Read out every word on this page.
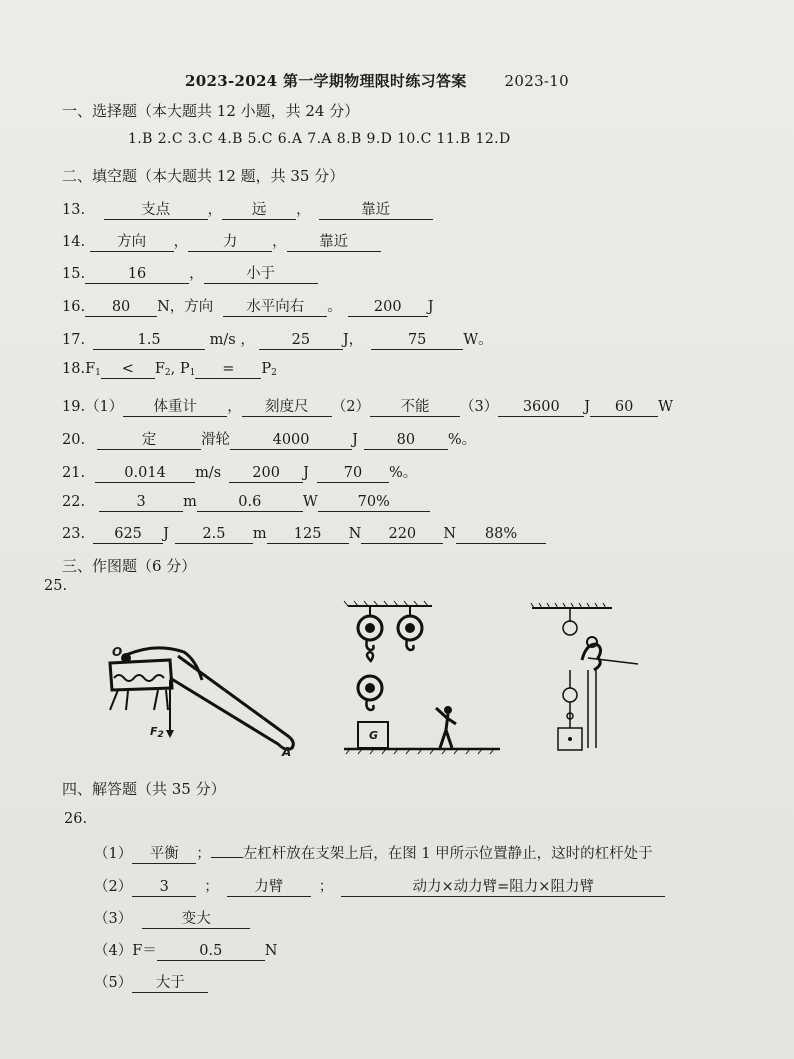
2023-2024 第一学期物理限时练习答案	2023-10
一、选择题（本大题共 12 小题，共 24 分）
1.B 2.C 3.C 4.B 5.C 6.A 7.A 8.B 9.D 10.C 11.B 12.D
二、填空题（本大题共 12 题，共 35 分）
13.	支点	， 远 ，	靠近
14. 方向 ， 力 ， 靠近
15.	16	，	小于
16. 80 N，方向 水平向右 。 200 J
17.	1.5	m/s ，	25 J，	75	W。
$18.F_1 < F_2$, $P_1 = P_2$
19.（1） 体重计 ， 刻度尺 （2） 不能 （3） 3600 J 60 W
20.	定	滑轮	4000	J	80 %。
21.	0.014 m/s 200 J 70 %。
22.	3	m	0.6	W	70%
23. 625 J 2.5 m 125 N 220 N 88%
三、作图题（6 分）
25.
O
$F_2$
A
G
四、解答题（共 35 分）
26.
（1） 平衡 ； 左杠杆放在支架上后，在图 1 甲所示位置静止，这时的杠杆处于
（2） 3 ； 力臂 ；	动力×动力臂=阻力×阻力臂
（3）	变大
（4）F＝	0.5	N
（5） 大于
